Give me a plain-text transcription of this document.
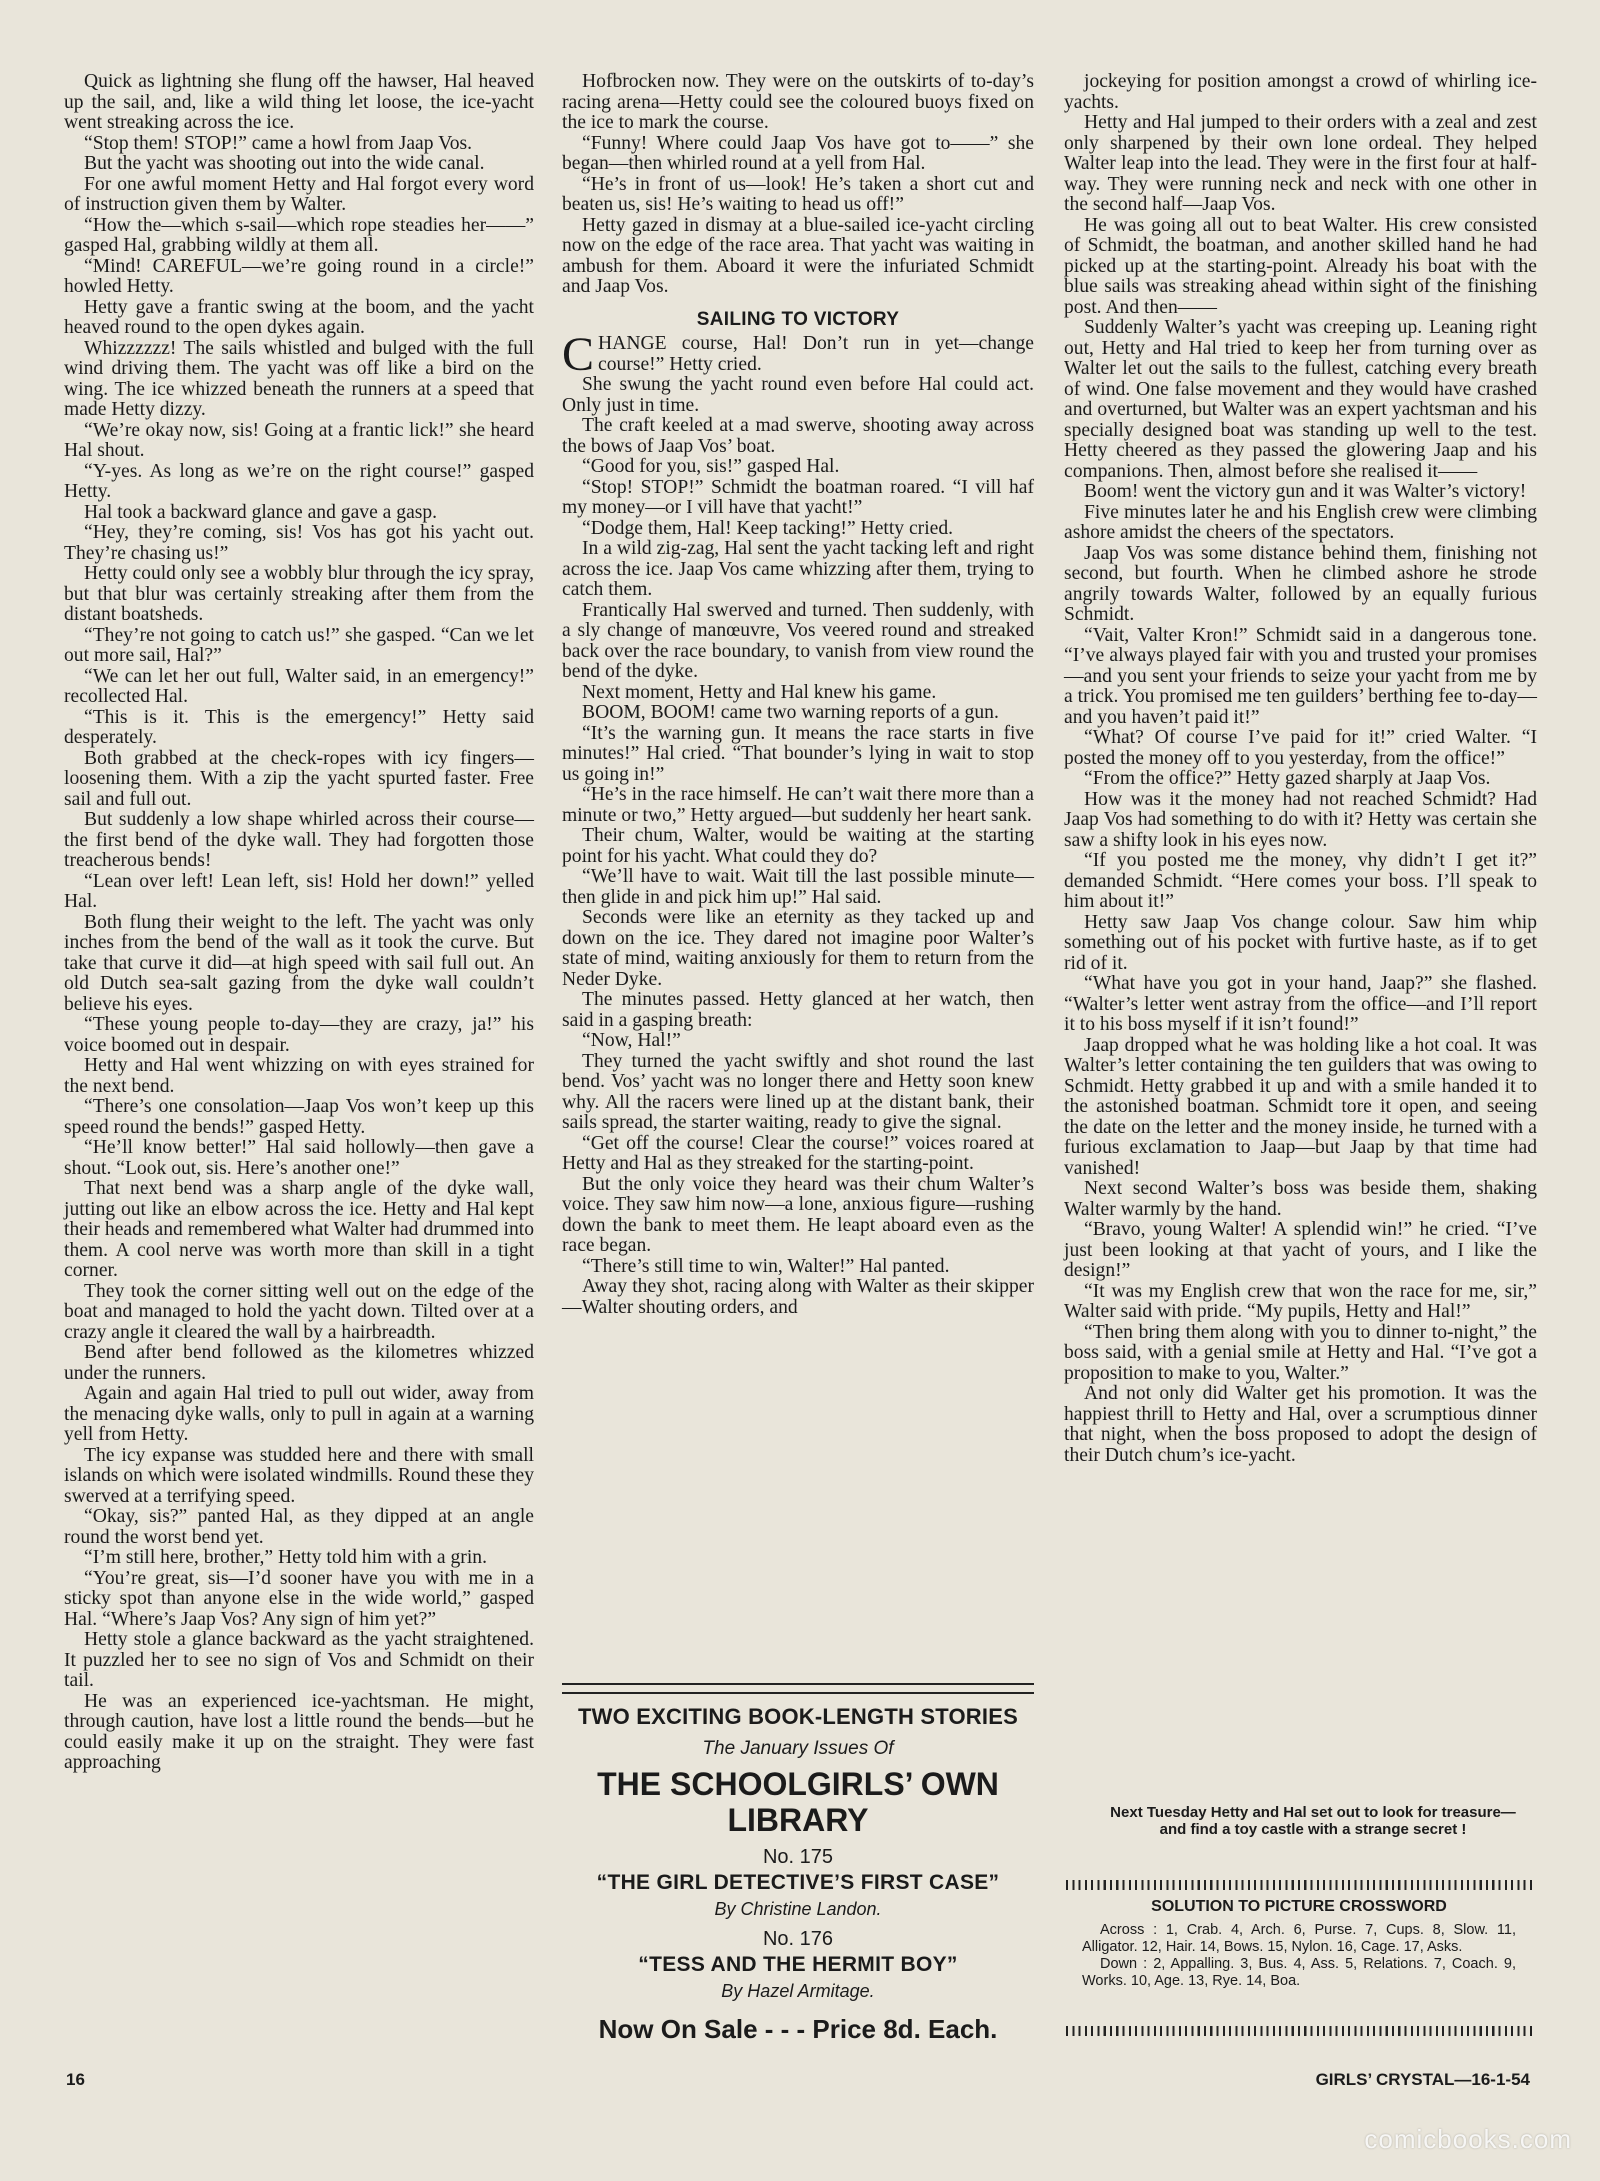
Quick as lightning she flung off the hawser, Hal heaved up the sail, and, like a wild thing let loose, the ice-yacht went streaking across the ice.

“Stop them! STOP!” came a howl from Jaap Vos.

But the yacht was shooting out into the wide canal.

For one awful moment Hetty and Hal forgot every word of instruction given them by Walter.

“How the—which s-sail—which rope steadies her——” gasped Hal, grabbing wildly at them all.

“Mind! CAREFUL—we’re going round in a circle!” howled Hetty.

Hetty gave a frantic swing at the boom, and the yacht heaved round to the open dykes again.

Whizzzzzz! The sails whistled and bulged with the full wind driving them. The yacht was off like a bird on the wing. The ice whizzed beneath the runners at a speed that made Hetty dizzy.

“We’re okay now, sis! Going at a frantic lick!” she heard Hal shout.

“Y-yes. As long as we’re on the right course!” gasped Hetty.

Hal took a backward glance and gave a gasp.

“Hey, they’re coming, sis! Vos has got his yacht out. They’re chasing us!”

Hetty could only see a wobbly blur through the icy spray, but that blur was certainly streaking after them from the distant boatsheds.

“They’re not going to catch us!” she gasped. “Can we let out more sail, Hal?”

“We can let her out full, Walter said, in an emergency!” recollected Hal.

“This is it. This is the emergency!” Hetty said desperately.

Both grabbed at the check-ropes with icy fingers—loosening them. With a zip the yacht spurted faster. Free sail and full out.

But suddenly a low shape whirled across their course—the first bend of the dyke wall. They had forgotten those treacherous bends!

“Lean over left! Lean left, sis! Hold her down!” yelled Hal.

Both flung their weight to the left. The yacht was only inches from the bend of the wall as it took the curve. But take that curve it did—at high speed with sail full out. An old Dutch sea-salt gazing from the dyke wall couldn’t believe his eyes.

“These young people to-day—they are crazy, ja!” his voice boomed out in despair.

Hetty and Hal went whizzing on with eyes strained for the next bend.

“There’s one consolation—Jaap Vos won’t keep up this speed round the bends!” gasped Hetty.

“He’ll know better!” Hal said hollowly—then gave a shout. “Look out, sis. Here’s another one!”

That next bend was a sharp angle of the dyke wall, jutting out like an elbow across the ice. Hetty and Hal kept their heads and remembered what Walter had drummed into them. A cool nerve was worth more than skill in a tight corner.

They took the corner sitting well out on the edge of the boat and managed to hold the yacht down. Tilted over at a crazy angle it cleared the wall by a hairbreadth.

Bend after bend followed as the kilometres whizzed under the runners.

Again and again Hal tried to pull out wider, away from the menacing dyke walls, only to pull in again at a warning yell from Hetty.

The icy expanse was studded here and there with small islands on which were isolated windmills. Round these they swerved at a terrifying speed.

“Okay, sis?” panted Hal, as they dipped at an angle round the worst bend yet.

“I’m still here, brother,” Hetty told him with a grin.

“You’re great, sis—I’d sooner have you with me in a sticky spot than anyone else in the wide world,” gasped Hal. “Where’s Jaap Vos? Any sign of him yet?”

Hetty stole a glance backward as the yacht straightened. It puzzled her to see no sign of Vos and Schmidt on their tail.

He was an experienced ice-yachtsman. He might, through caution, have lost a little round the bends—but he could easily make it up on the straight. They were fast approaching

Hofbrocken now. They were on the outskirts of to-day’s racing arena—Hetty could see the coloured buoys fixed on the ice to mark the course.

“Funny! Where could Jaap Vos have got to——” she began—then whirled round at a yell from Hal.

“He’s in front of us—look! He’s taken a short cut and beaten us, sis! He’s waiting to head us off!”

Hetty gazed in dismay at a blue-sailed ice-yacht circling now on the edge of the race area. That yacht was waiting in ambush for them. Aboard it were the infuriated Schmidt and Jaap Vos.

SAILING TO VICTORY

CHANGE course, Hal! Don’t run in yet—change course!” Hetty cried.

She swung the yacht round even before Hal could act. Only just in time.

The craft keeled at a mad swerve, shooting away across the bows of Jaap Vos’ boat.

“Good for you, sis!” gasped Hal.

“Stop! STOP!” Schmidt the boatman roared. “I vill haf my money—or I vill have that yacht!”

“Dodge them, Hal! Keep tacking!” Hetty cried.

In a wild zig-zag, Hal sent the yacht tacking left and right across the ice. Jaap Vos came whizzing after them, trying to catch them.

Frantically Hal swerved and turned. Then suddenly, with a sly change of manœuvre, Vos veered round and streaked back over the race boundary, to vanish from view round the bend of the dyke.

Next moment, Hetty and Hal knew his game.

BOOM, BOOM! came two warning reports of a gun.

“It’s the warning gun. It means the race starts in five minutes!” Hal cried. “That bounder’s lying in wait to stop us going in!”

“He’s in the race himself. He can’t wait there more than a minute or two,” Hetty argued—but suddenly her heart sank.

Their chum, Walter, would be waiting at the starting point for his yacht. What could they do?

“We’ll have to wait. Wait till the last possible minute—then glide in and pick him up!” Hal said.

Seconds were like an eternity as they tacked up and down on the ice. They dared not imagine poor Walter’s state of mind, waiting anxiously for them to return from the Neder Dyke.

The minutes passed. Hetty glanced at her watch, then said in a gasping breath:

“Now, Hal!”

They turned the yacht swiftly and shot round the last bend. Vos’ yacht was no longer there and Hetty soon knew why. All the racers were lined up at the distant bank, their sails spread, the starter waiting, ready to give the signal.

“Get off the course! Clear the course!” voices roared at Hetty and Hal as they streaked for the starting-point.

But the only voice they heard was their chum Walter’s voice. They saw him now—a lone, anxious figure—rushing down the bank to meet them. He leapt aboard even as the race began.

“There’s still time to win, Walter!” Hal panted.

Away they shot, racing along with Walter as their skipper—Walter shouting orders, and

jockeying for position amongst a crowd of whirling ice-yachts.

Hetty and Hal jumped to their orders with a zeal and zest only sharpened by their own lone ordeal. They helped Walter leap into the lead. They were in the first four at half-way. They were running neck and neck with one other in the second half—Jaap Vos.

He was going all out to beat Walter. His crew consisted of Schmidt, the boatman, and another skilled hand he had picked up at the starting-point. Already his boat with the blue sails was streaking ahead within sight of the finishing post. And then——

Suddenly Walter’s yacht was creeping up. Leaning right out, Hetty and Hal tried to keep her from turning over as Walter let out the sails to the fullest, catching every breath of wind. One false movement and they would have crashed and overturned, but Walter was an expert yachtsman and his specially designed boat was standing up well to the test. Hetty cheered as they passed the glowering Jaap and his companions. Then, almost before she realised it——

Boom! went the victory gun and it was Walter’s victory!

Five minutes later he and his English crew were climbing ashore amidst the cheers of the spectators.

Jaap Vos was some distance behind them, finishing not second, but fourth. When he climbed ashore he strode angrily towards Walter, followed by an equally furious Schmidt.

“Vait, Valter Kron!” Schmidt said in a dangerous tone. “I’ve always played fair with you and trusted your promises—and you sent your friends to seize your yacht from me by a trick. You promised me ten guilders’ berthing fee to-day—and you haven’t paid it!”

“What? Of course I’ve paid for it!” cried Walter. “I posted the money off to you yesterday, from the office!”

“From the office?” Hetty gazed sharply at Jaap Vos.

How was it the money had not reached Schmidt? Had Jaap Vos had something to do with it? Hetty was certain she saw a shifty look in his eyes now.

“If you posted me the money, vhy didn’t I get it?” demanded Schmidt. “Here comes your boss. I’ll speak to him about it!”

Hetty saw Jaap Vos change colour. Saw him whip something out of his pocket with furtive haste, as if to get rid of it.

“What have you got in your hand, Jaap?” she flashed. “Walter’s letter went astray from the office—and I’ll report it to his boss myself if it isn’t found!”

Jaap dropped what he was holding like a hot coal. It was Walter’s letter containing the ten guilders that was owing to Schmidt. Hetty grabbed it up and with a smile handed it to the astonished boatman. Schmidt tore it open, and seeing the date on the letter and the money inside, he turned with a furious exclamation to Jaap—but Jaap by that time had vanished!

Next second Walter’s boss was beside them, shaking Walter warmly by the hand.

“Bravo, young Walter! A splendid win!” he cried. “I’ve just been looking at that yacht of yours, and I like the design!”

“It was my English crew that won the race for me, sir,” Walter said with pride. “My pupils, Hetty and Hal!”

“Then bring them along with you to dinner to-night,” the boss said, with a genial smile at Hetty and Hal. “I’ve got a proposition to make to you, Walter.”

And not only did Walter get his promotion. It was the happiest thrill to Hetty and Hal, over a scrumptious dinner that night, when the boss proposed to adopt the design of their Dutch chum’s ice-yacht.

TWO EXCITING BOOK-LENGTH STORIES
The January Issues Of
THE SCHOOLGIRLS’ OWN LIBRARY
No. 175
“THE GIRL DETECTIVE’S FIRST CASE”
By Christine Landon.
No. 176
“TESS AND THE HERMIT BOY”
By Hazel Armitage.
Now On Sale - - - Price 8d. Each.
Next Tuesday Hetty and Hal set out to look for treasure—and find a toy castle with a strange secret !
SOLUTION TO PICTURE CROSSWORD

Across : 1, Crab. 4, Arch. 6, Purse. 7, Cups. 8, Slow. 11, Alligator. 12, Hair. 14, Bows. 15, Nylon. 16, Cage. 17, Asks.

Down : 2, Appalling. 3, Bus. 4, Ass. 5, Relations. 7, Coach. 9, Works. 10, Age. 13, Rye. 14, Boa.

16	GIRLS’ CRYSTAL—16-1-54
comicbooks.com
